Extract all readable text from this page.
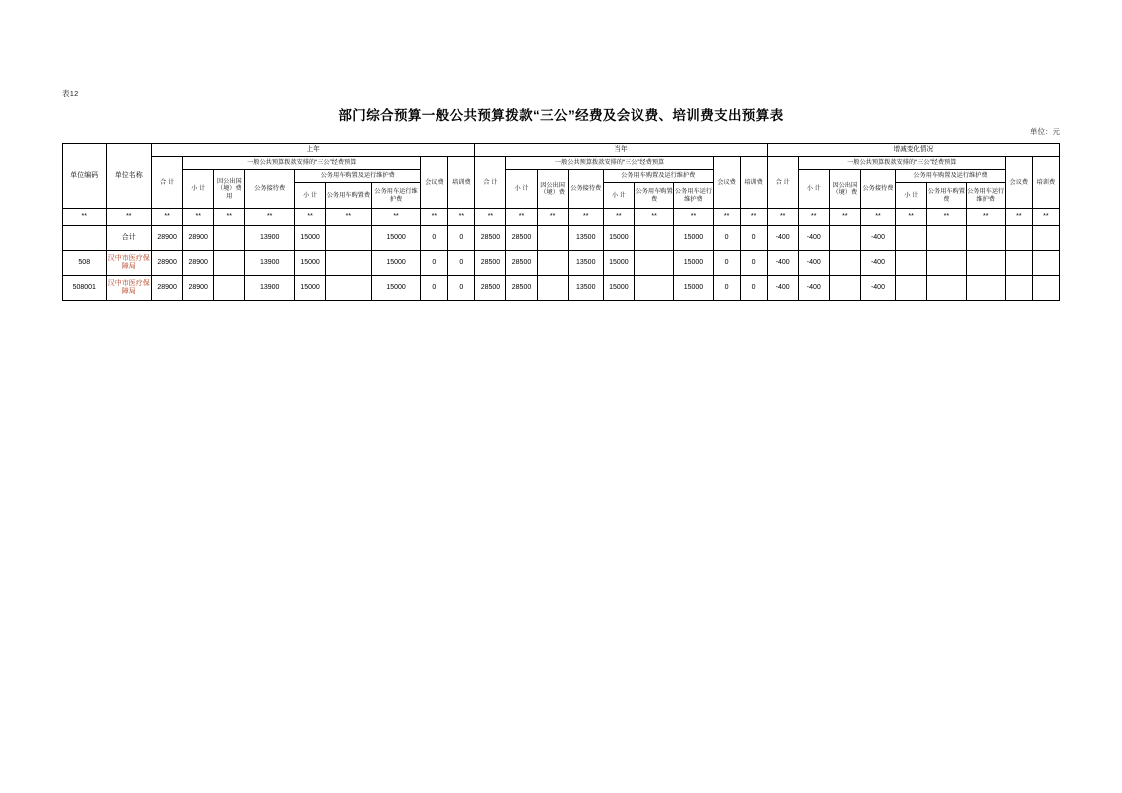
表12
部门综合预算一般公共预算拨款“三公”经费及会议费、培训费支出预算表
单位：元
单位编码	单位名称	上年									当年									增减变化情况								
		合 计	一般公共预算拨款安排的“三公”经费预算						会议费	培训费	合 计	一般公共预算拨款安排的“三公”经费预算						会议费	培训费	合 计	一般公共预算拨款安排的“三公”经费预算						会议费	培训费
			小 计	因公出国（境）费用	公务接待费	公务用车购置及运行维护费						小 计	因公出国（境）费	公务接待费	公务用车购置及运行维护费						小 计	因公出国（境）费	公务接待费	公务用车购置及运行维护费				
						小 计	公务用车购置费	公务用车运行维护费							小 计	公务用车购置费	公务用车运行维护费							小 计	公务用车购置费	公务用车运行维护费		
**	**	**	**	**	**	**	**	**	**	**	**	**	**	**	**	**	**	**	**	**	**	**	**	**	**	**	**	**
	合计	28900	28900		13900	15000		15000	0	0	28500	28500		13500	15000		15000	0	0	-400	-400		-400					
508	汉中市医疗保障局	28900	28900		13900	15000		15000	0	0	28500	28500		13500	15000		15000	0	0	-400	-400		-400					
508001	汉中市医疗保障局	28900	28900		13900	15000		15000	0	0	28500	28500		13500	15000		15000	0	0	-400	-400		-400					
